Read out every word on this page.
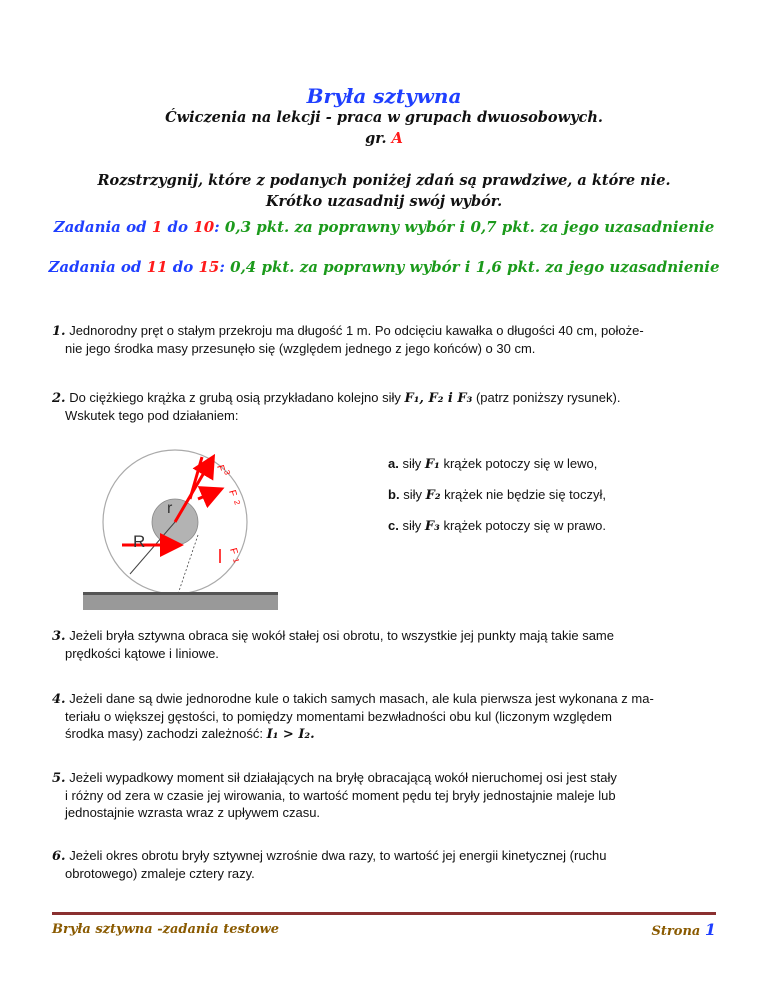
Bryła sztywna
Ćwiczenia na lekcji - praca w grupach dwuosobowych.
gr. A
Rozstrzygnij, które z podanych poniżej zdań są prawdziwe, a które nie.
Krótko uzasadnij swój wybór.
Zadania od 1 do 10: 0,3 pkt. za poprawny wybór i 0,7 pkt. za jego uzasadnienie
Zadania od 11 do 15: 0,4 pkt. za poprawny wybór i 1,6 pkt. za jego uzasadnienie
1. Jednorodny pręt o stałym przekroju ma długość 1 m. Po odcięciu kawałka o długości 40 cm, położe-
nie jego środka masy przesunęło się (względem jednego z jego końców) o 30 cm.
2. Do ciężkiego krążka z grubą osią przykładano kolejno siły F₁, F₂ i F₃ (patrz poniższy rysunek).
Wskutek tego pod działaniem:
a. siły F₁ krążek potoczy się w lewo,
b. siły F₂ krążek nie będzie się toczył,
c. siły F₃ krążek potoczy się w prawo.
r
R
F
3
F
2
F
1
3. Jeżeli bryła sztywna obraca się wokół stałej osi obrotu, to wszystkie jej punkty mają takie same
prędkości kątowe i liniowe.
4. Jeżeli dane są dwie jednorodne kule o takich samych masach, ale kula pierwsza jest wykonana z ma-
teriału o większej gęstości, to pomiędzy momentami bezwładności obu kul (liczonym względem
środka masy) zachodzi zależność: I₁ > I₂.
5. Jeżeli wypadkowy moment sił działających na bryłę obracającą wokół nieruchomej osi jest stały
i różny od zera w czasie jej wirowania, to wartość moment pędu tej bryły jednostajnie maleje lub
jednostajnie wzrasta wraz z upływem czasu.
6. Jeżeli okres obrotu bryły sztywnej wzrośnie dwa razy, to wartość jej energii kinetycznej (ruchu
obrotowego) zmaleje cztery razy.
Bryła sztywna -zadania testowe	Strona 1
